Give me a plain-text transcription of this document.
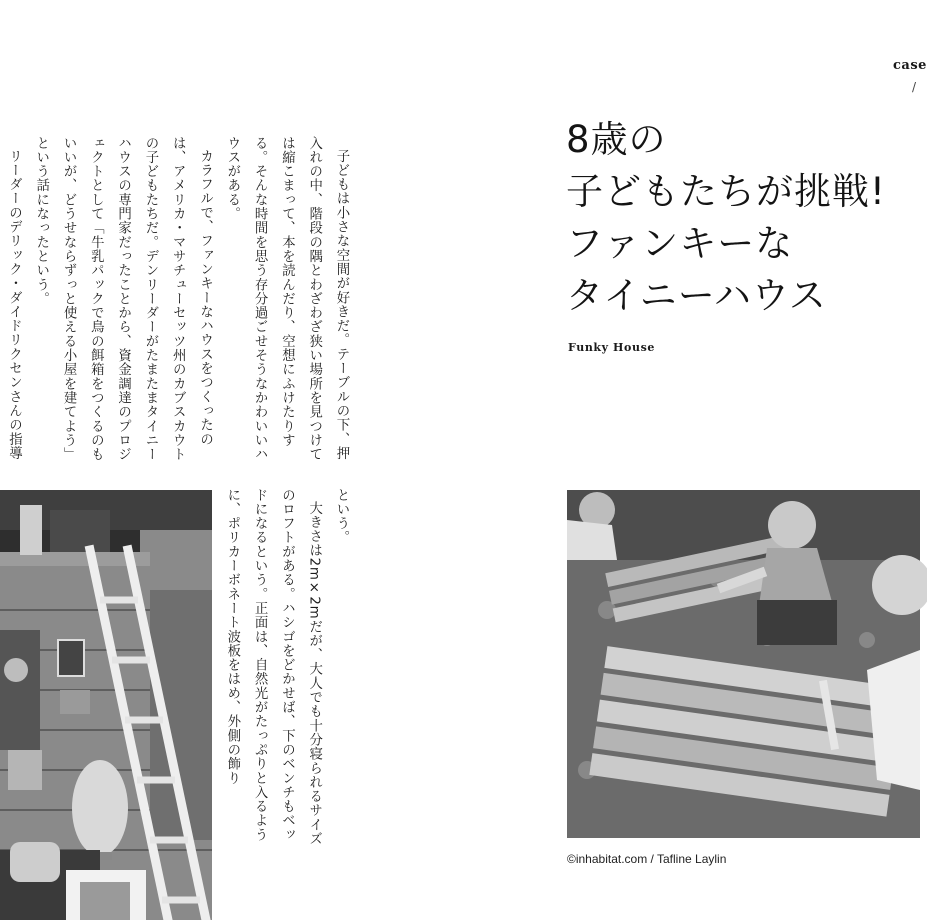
case
/
8歳の
子どもたちが挑戦!
ファンキーな
タイニーハウス
Funky House

子どもは小さな空間が好きだ。テーブルの下、押入れの中、階段の隅とわざわざ狭い場所を見つけては縮こまって、本を読んだり、空想にふけたりする。そんな時間を思う存分過ごせそうなかわいいハウスがある。

カラフルで、ファンキーなハウスをつくったのは、アメリカ・マサチューセッツ州のカブスカウトの子どもたちだ。デンリーダーがたまたまタイニーハウスの専門家だったことから、資金調達のプロジェクトとして「牛乳パックで鳥の餌箱をつくるのもいいが、どうせならずっと使える小屋を建てよう」という話になったという。

リーダーのデリック・ダイドリクセンさんの指導

という。

大きさは2m×2mだが、大人でも十分寝られるサイズのロフトがある。ハシゴをどかせば、下のベンチもベッドになるという。正面は、自然光がたっぷりと入るように、ポリカーボネート波板をはめ、外側の飾り

©inhabitat.com / Tafline Laylin
